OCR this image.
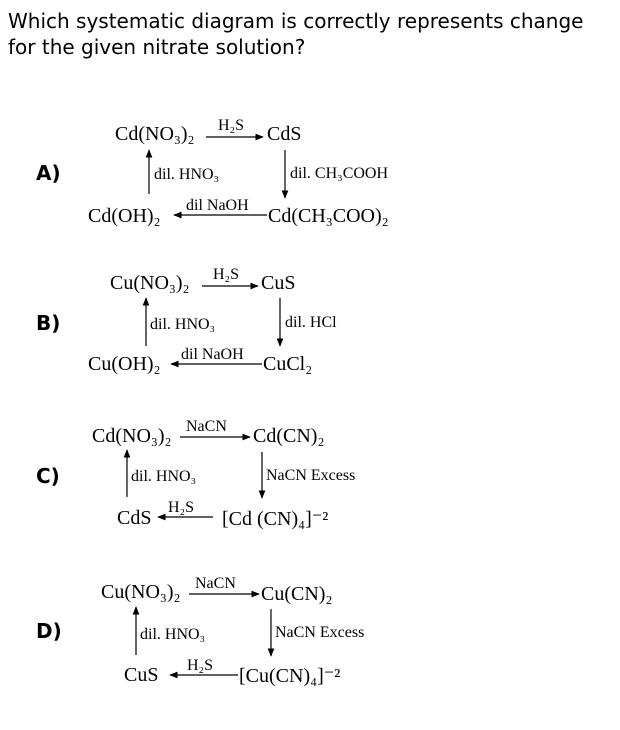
Which systematic diagram is correctly represents change for the given nitrate solution?
A)
B)
C)
D)
Cd(NO₃)₂ H₂S CdS
dil. HNO₃	dil. CH₃COOH
Cd(OH)₂ dil NaOH Cd(CH₃COO)₂
Cu(NO₃)₂ H₂S CuS
dil. HNO₃	dil. HCl
Cu(OH)₂ dil NaOH CuCl₂
Cd(NO₃)₂ NaCN Cd(CN)₂
dil. HNO₃	NaCN Excess
CdS H₂S
[Cd (CN)₄]⁻²
Cu(NO₃)₂ NaCN Cu(CN)₂
dil. HNO₃	NaCN Excess
CuS H₂S [Cu(CN)₄]⁻²
